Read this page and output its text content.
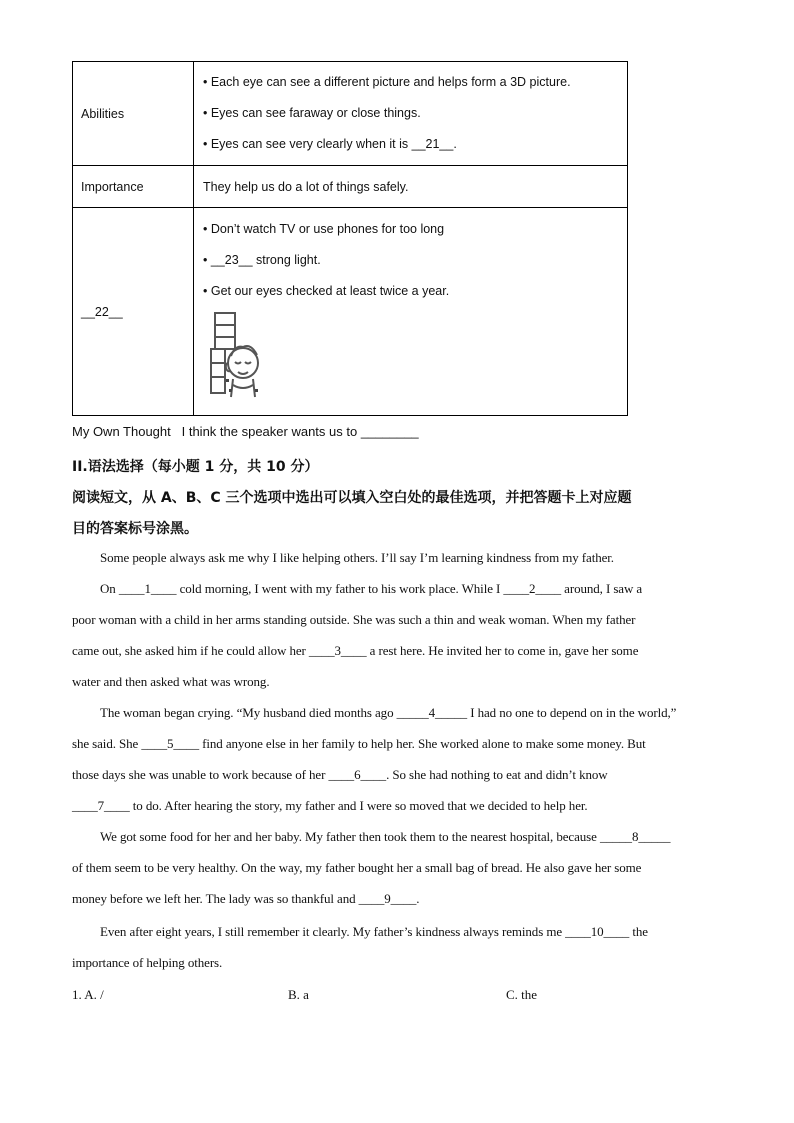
Abilities	• Each eye can see a different picture and helps form a 3D picture.
• Eyes can see faraway or close things.
• Eyes can see very clearly when it is __21__.

Importance	They help us do a lot of things safely.
__22__	• Don’t watch TV or use phones for too long
• __23__ strong light.
• Get our eyes checked at least twice a year.
My Own Thought I think the speaker wants us to ________
II.语法选择（每小题 1 分，共 10 分）
阅读短文，从 A、B、C 三个选项中选出可以填入空白处的最佳选项，并把答题卡上对应题
目的答案标号涂黑。
Some people always ask me why I like helping others. I’ll say I’m learning kindness from my father.
On ____1____ cold morning, I went with my father to his work place. While I ____2____ around, I saw a
poor woman with a child in her arms standing outside. She was such a thin and weak woman. When my father
came out, she asked him if he could allow her ____3____ a rest here. He invited her to come in, gave her some
water and then asked what was wrong.
The woman began crying. “My husband died months ago _____4_____ I had no one to depend on in the world,”
she said. She ____5____ find anyone else in her family to help her. She worked alone to make some money. But
those days she was unable to work because of her ____6____. So she had nothing to eat and didn’t know
____7____ to do. After hearing the story, my father and I were so moved that we decided to help her.
We got some food for her and her baby. My father then took them to the nearest hospital, because _____8_____
of them seem to be very healthy. On the way, my father bought her a small bag of bread. He also gave her some
money before we left her. The lady was so thankful and ____9____.
Even after eight years, I still remember it clearly. My father’s kindness always reminds me ____10____ the
importance of helping others.
1. A. /	B. a	C. the
